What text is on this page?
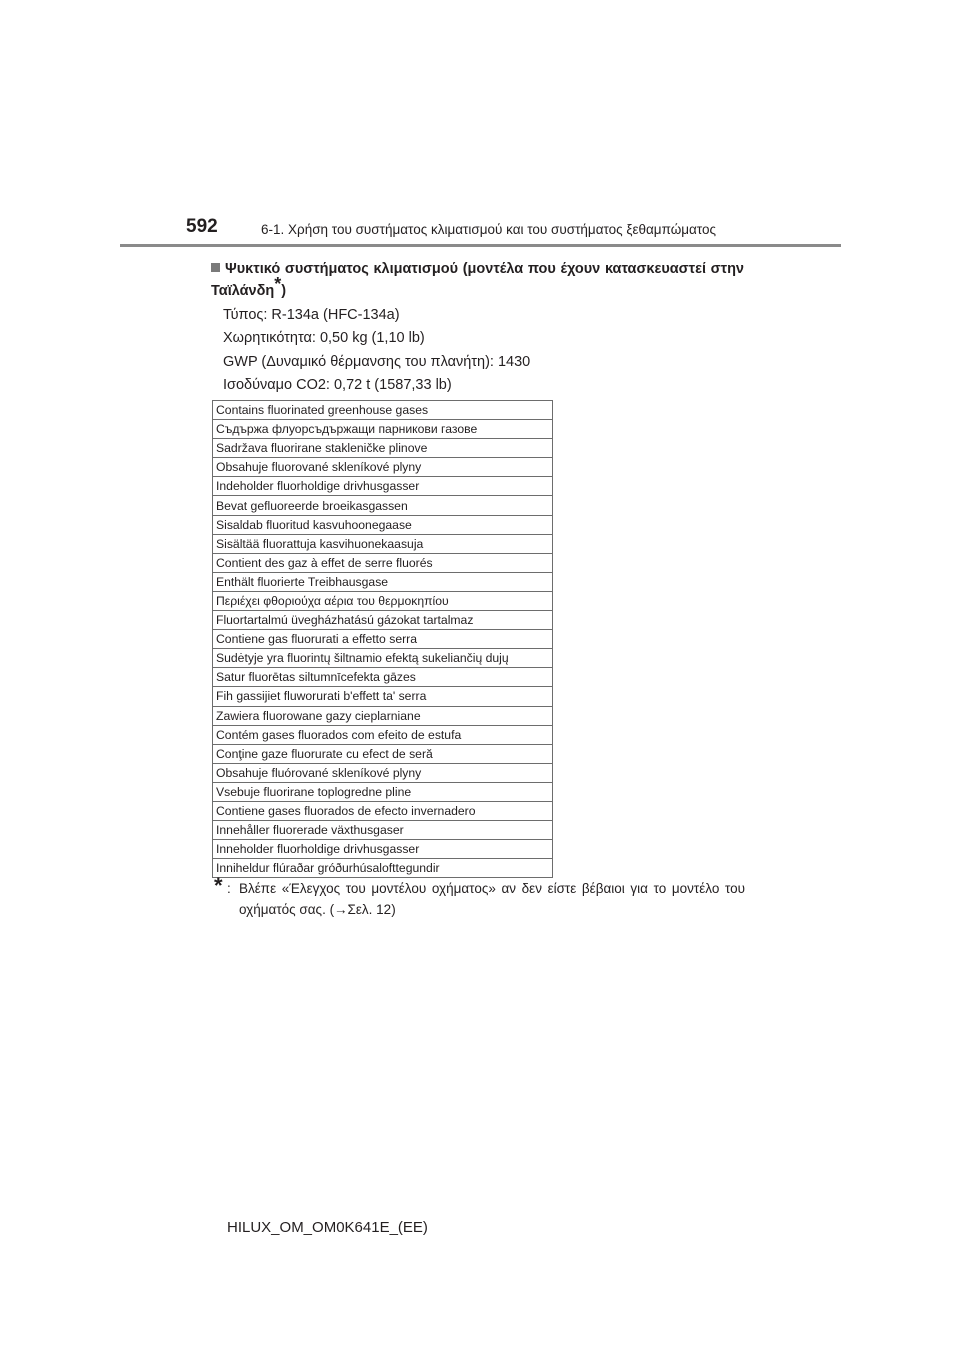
592	6-1. Χρήση του συστήματος κλιματισμού και του συστήματος ξεθαμπώματος
Ψυκτικό συστήματος κλιματισμού (μοντέλα που έχουν κατασκευαστεί στην Ταϊλάνδη*)
Τύπος: R-134a (HFC-134a)
Χωρητικότητα: 0,50 kg (1,10 lb)
GWP (Δυναμικό θέρμανσης του πλανήτη): 1430
Ισοδύναμο CO2: 0,72 t (1587,33 lb)
Contains fluorinated greenhouse gases
Съдържа флуорсъдържащи парникови газове
Sadržava fluorirane stakleničke plinove
Obsahuje fluorované skleníkové plyny
Indeholder fluorholdige drivhusgasser
Bevat gefluoreerde broeikasgassen
Sisaldab fluoritud kasvuhoonegaase
Sisältää fluorattuja kasvihuonekaasuja
Contient des gaz à effet de serre fluorés
Enthält fluorierte Treibhausgase
Περιέχει φθοριούχα αέρια του θερμοκηπίου
Fluortartalmú üvegházhatású gázokat tartalmaz
Contiene gas fluorurati a effetto serra
Sudėtyje yra fluorintų šiltnamio efektą sukeliančių dujų
Satur fluorētas siltumnīcefekta gāzes
Fih gassijiet fluworurati b'effett ta' serra
Zawiera fluorowane gazy cieplarniane
Contém gases fluorados com efeito de estufa
Conţine gaze fluorurate cu efect de seră
Obsahuje fluórované skleníkové plyny
Vsebuje fluorirane toplogredne pline
Contiene gases fluorados de efecto invernadero
Innehåller fluorerade växthusgaser
Inneholder fluorholdige drivhusgasser
Inniheldur flúraðar gróðurhúsalofttegundir
* : Βλέπε «Έλεγχος του μοντέλου οχήματος» αν δεν είστε βέβαιοι για το μοντέλο του οχήματός σας. (→Σελ. 12)
HILUX_OM_OM0K641E_(EE)
